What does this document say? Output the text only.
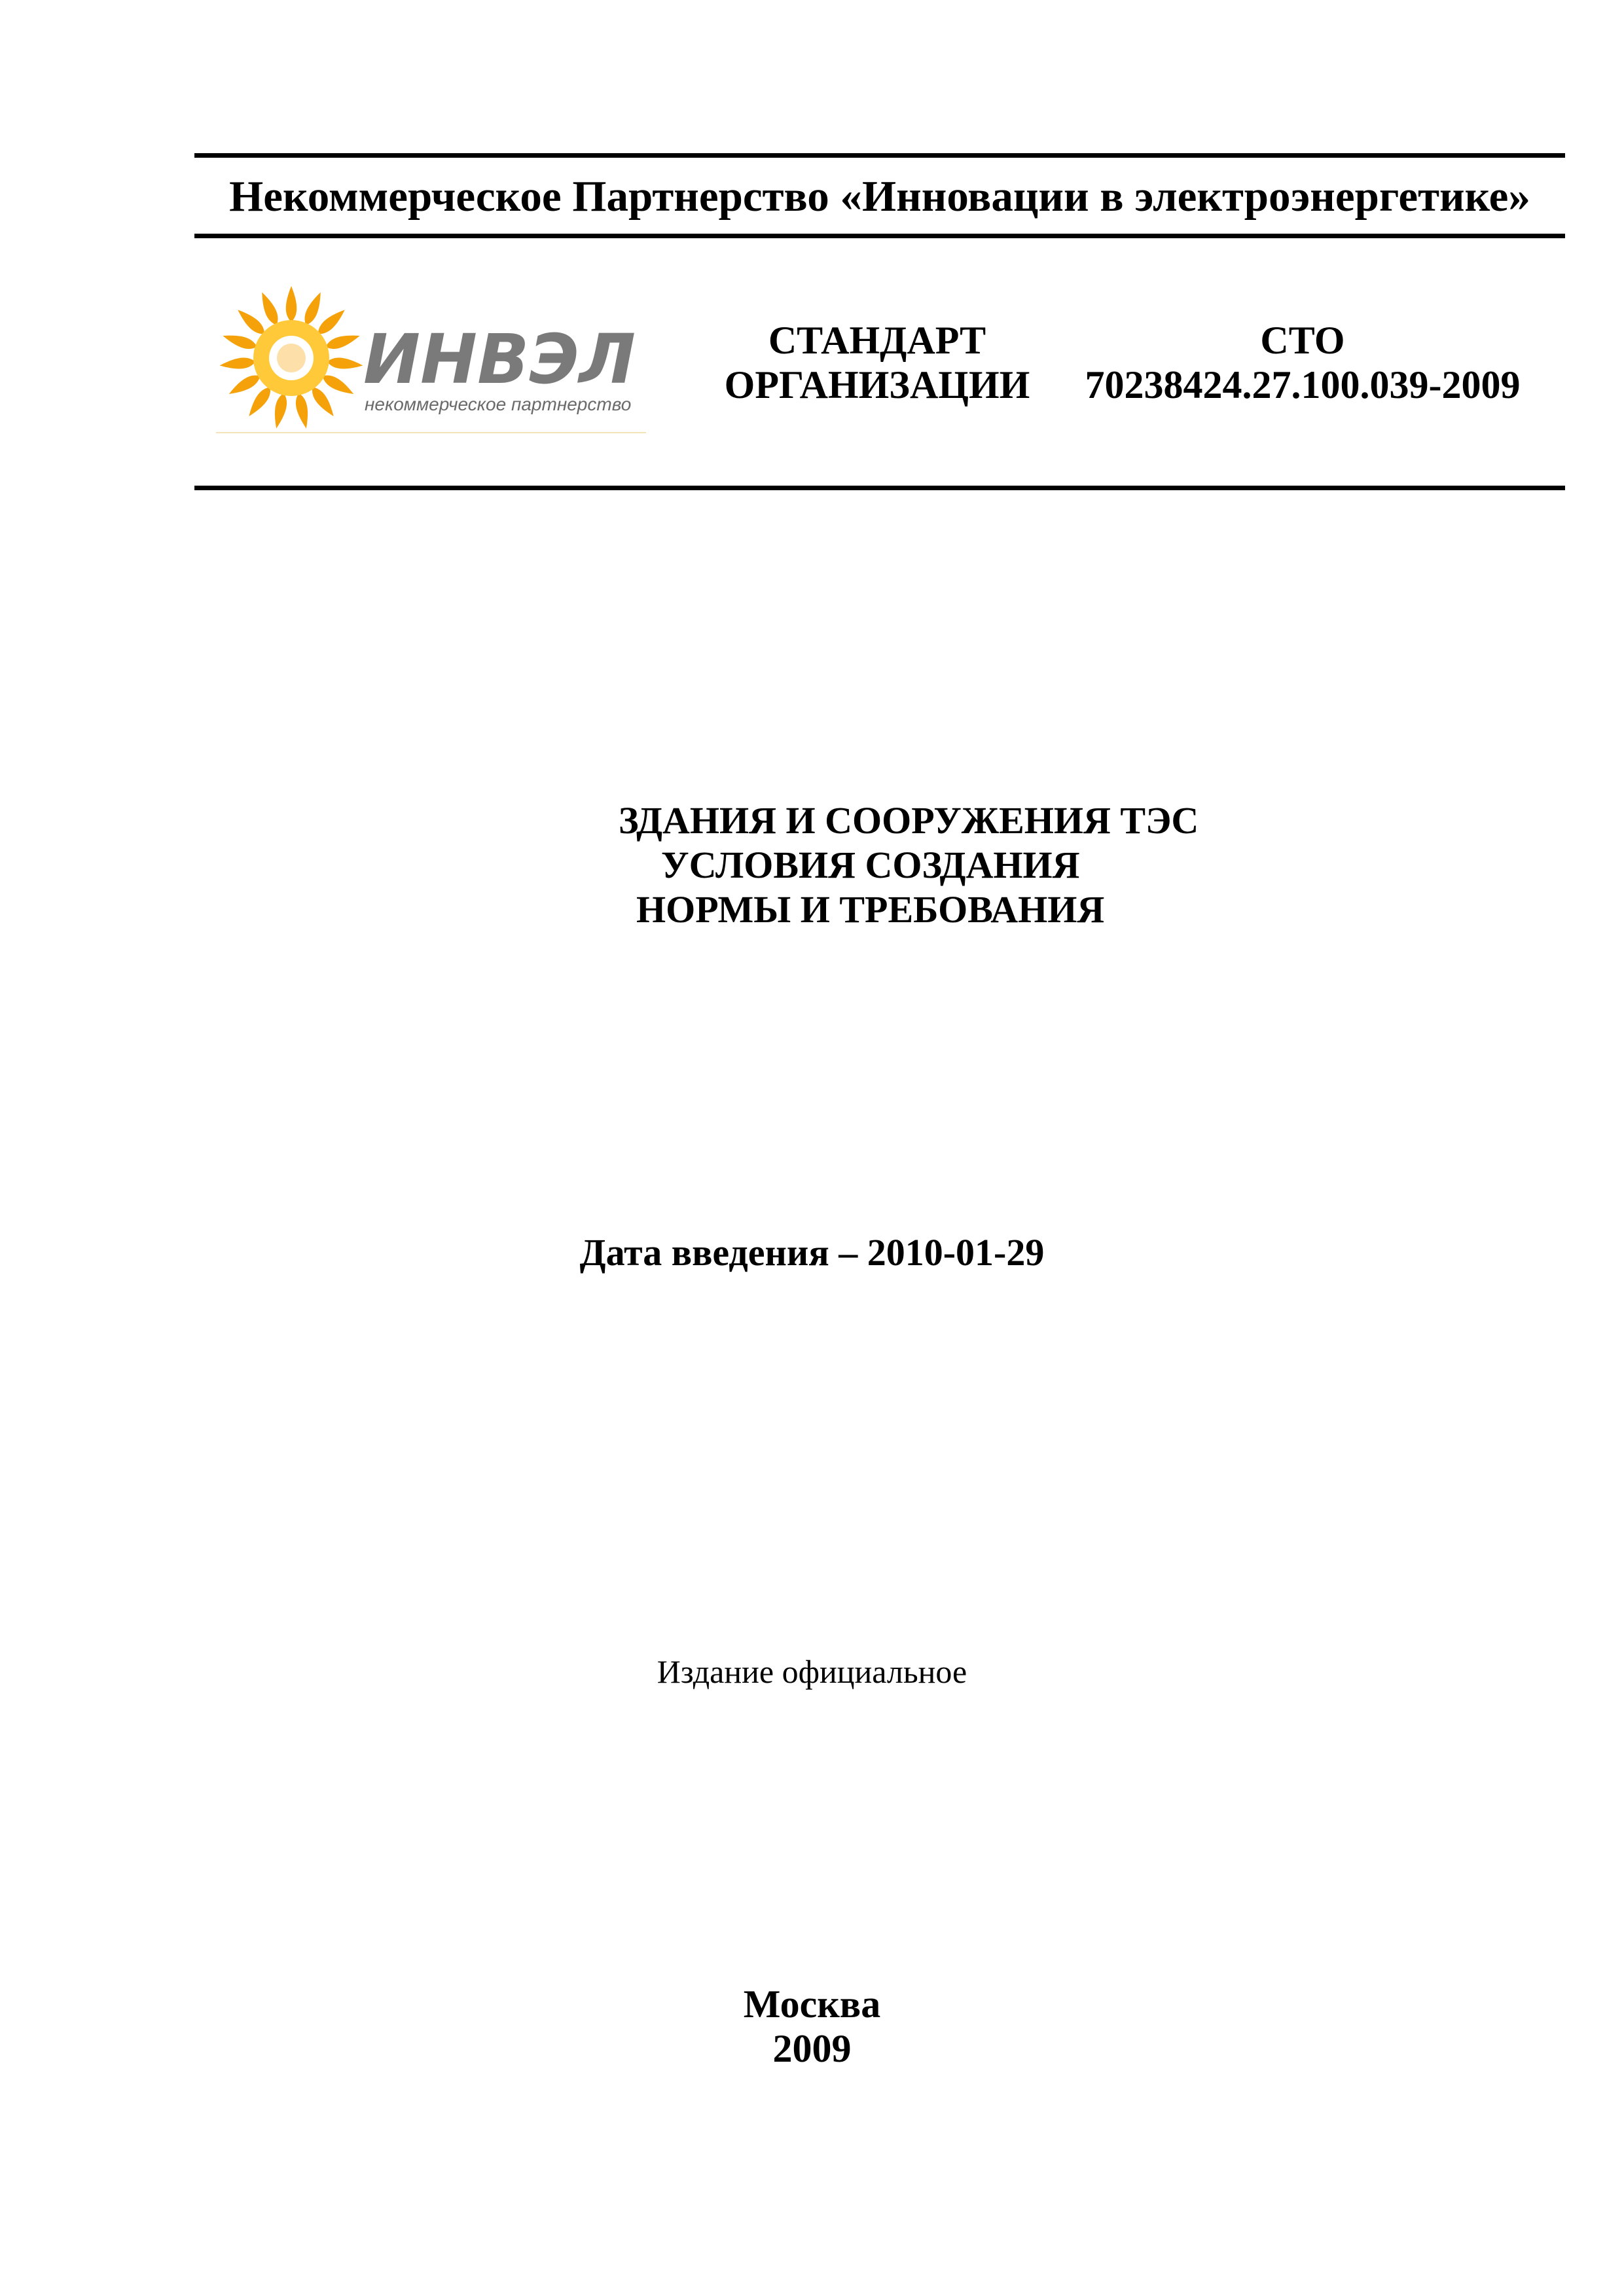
Некоммерческое Партнерство «Инновации в электроэнергетике»
ИНВЭЛ
некоммерческое партнерство
СТАНДАРТ
ОРГАНИЗАЦИИ
СТО
70238424.27.100.039-2009
ЗДАНИЯ И СООРУЖЕНИЯ ТЭС
УСЛОВИЯ СОЗДАНИЯ
НОРМЫ И ТРЕБОВАНИЯ
Дата введения – 2010-01-29
Издание официальное
Москва
2009
